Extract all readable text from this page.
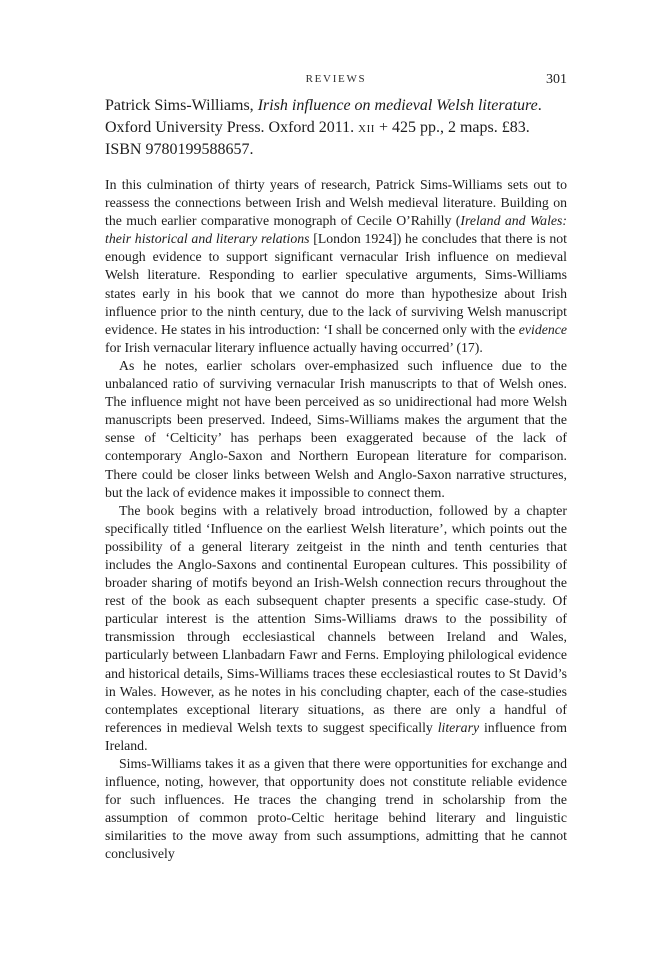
REVIEWS	301
Patrick Sims-Williams, Irish influence on medieval Welsh literature. Oxford University Press. Oxford 2011. xii + 425 pp., 2 maps. £83. ISBN 9780199588657.

In this culmination of thirty years of research, Patrick Sims-Williams sets out to reassess the connections between Irish and Welsh medieval literature. Building on the much earlier comparative monograph of Cecile O’Rahilly (Ireland and Wales: their historical and literary relations [London 1924]) he concludes that there is not enough evidence to support significant vernacular Irish influence on medieval Welsh literature. Responding to earlier speculative arguments, Sims-Williams states early in his book that we cannot do more than hypothesize about Irish influence prior to the ninth century, due to the lack of surviving Welsh manuscript evidence. He states in his introduction: ‘I shall be concerned only with the evidence for Irish vernacular literary influence actually having occurred’ (17).

As he notes, earlier scholars over-emphasized such influence due to the unbalanced ratio of surviving vernacular Irish manuscripts to that of Welsh ones. The influence might not have been perceived as so unidirectional had more Welsh manuscripts been preserved. Indeed, Sims-Williams makes the argument that the sense of ‘Celticity’ has perhaps been exaggerated because of the lack of contemporary Anglo-Saxon and Northern European literature for comparison. There could be closer links between Welsh and Anglo-Saxon narrative structures, but the lack of evidence makes it impossible to connect them.

The book begins with a relatively broad introduction, followed by a chapter specifically titled ‘Influence on the earliest Welsh literature’, which points out the possibility of a general literary zeitgeist in the ninth and tenth centuries that includes the Anglo-Saxons and continental European cultures. This possibility of broader sharing of motifs beyond an Irish-Welsh connection recurs throughout the rest of the book as each subsequent chapter presents a specific case-study. Of particular interest is the attention Sims-Williams draws to the possibility of transmission through ecclesiastical channels between Ireland and Wales, particularly between Llanbadarn Fawr and Ferns. Employing philological evidence and historical details, Sims-Williams traces these ecclesiastical routes to St David’s in Wales. However, as he notes in his concluding chapter, each of the case-studies contemplates exceptional literary situations, as there are only a handful of references in medieval Welsh texts to suggest specifically literary influence from Ireland.

Sims-Williams takes it as a given that there were opportunities for exchange and influence, noting, however, that opportunity does not constitute reliable evidence for such influences. He traces the changing trend in scholarship from the assumption of common proto-Celtic heritage behind literary and linguistic similarities to the move away from such assumptions, admitting that he cannot conclusively
